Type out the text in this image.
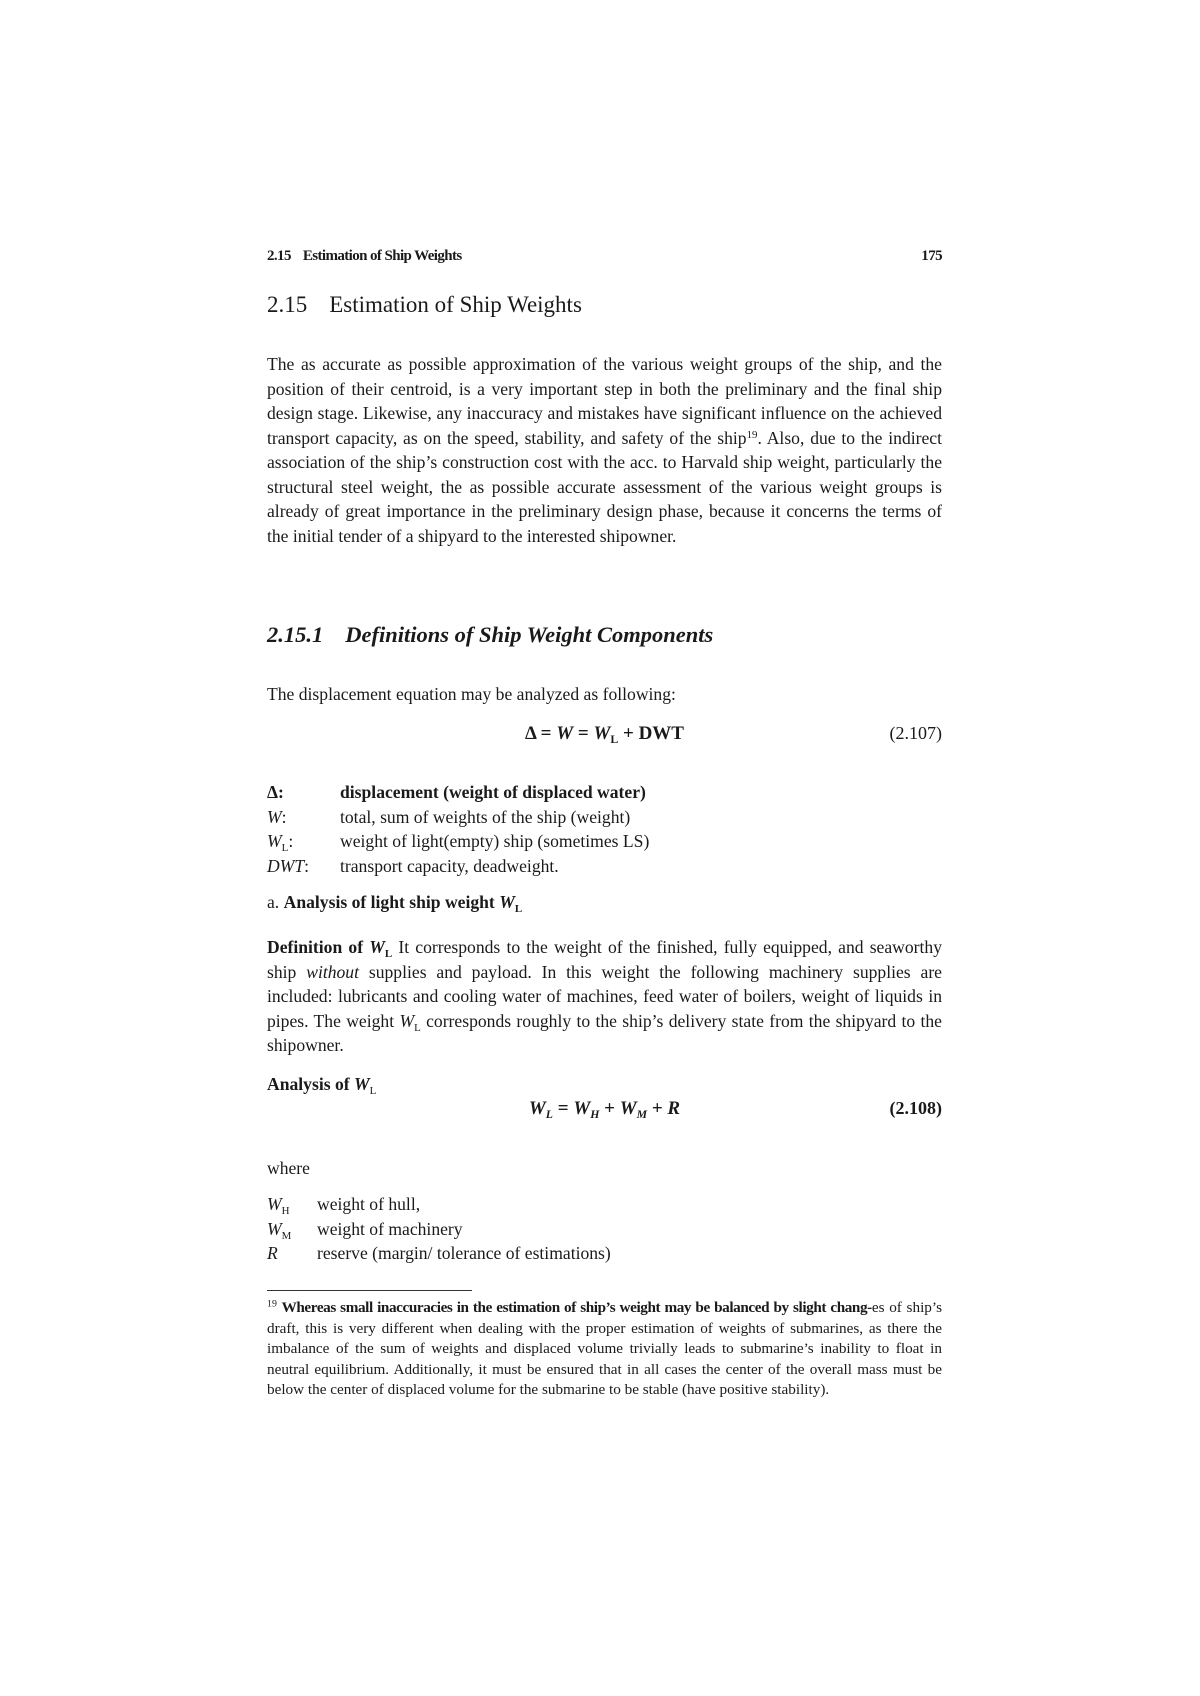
2.15 Estimation of Ship Weights	175
2.15 Estimation of Ship Weights

The as accurate as possible approximation of the various weight groups of the ship, and the position of their centroid, is a very important step in both the preliminary and the final ship design stage. Likewise, any inaccuracy and mistakes have significant influence on the achieved transport capacity, as on the speed, stability, and safety of the ship$^{19}$. Also, due to the indirect association of the ship’s construction cost with the acc. to Harvald ship weight, particularly the structural steel weight, the as possible accurate assessment of the various weight groups is already of great importance in the preliminary design phase, because it concerns the terms of the initial tender of a shipyard to the interested shipowner.

2.15.1 Definitions of Ship Weight Components

The displacement equation may be analyzed as following:

$\Delta = W = W_L$ + DWT	(2.107)
Δ:	displacement (weight of displaced water)
W:	total, sum of weights of the ship (weight)
$W_L$:	weight of light(empty) ship (sometimes LS)
DWT: transport capacity, deadweight.
a. Analysis of light ship weight $W_L$

Definition of $W_L$ It corresponds to the weight of the finished, fully equipped, and seaworthy ship without supplies and payload. In this weight the following machinery supplies are included: lubricants and cooling water of machines, feed water of boilers, weight of liquids in pipes. The weight $W_L$ corresponds roughly to the ship’s delivery state from the shipyard to the shipowner.

Analysis of $W_L$
$W_L = W_H + W_M + R$	(2.108)
where
$W_H$ weight of hull,
$W_M$ weight of machinery
R reserve (margin/ tolerance of estimations)

$^{19}$ Whereas small inaccuracies in the estimation of ship’s weight may be balanced by slight chang-es of ship’s draft, this is very different when dealing with the proper estimation of weights of submarines, as there the imbalance of the sum of weights and displaced volume trivially leads to submarine’s inability to float in neutral equilibrium. Additionally, it must be ensured that in all cases the center of the overall mass must be below the center of displaced volume for the submarine to be stable (have positive stability).
